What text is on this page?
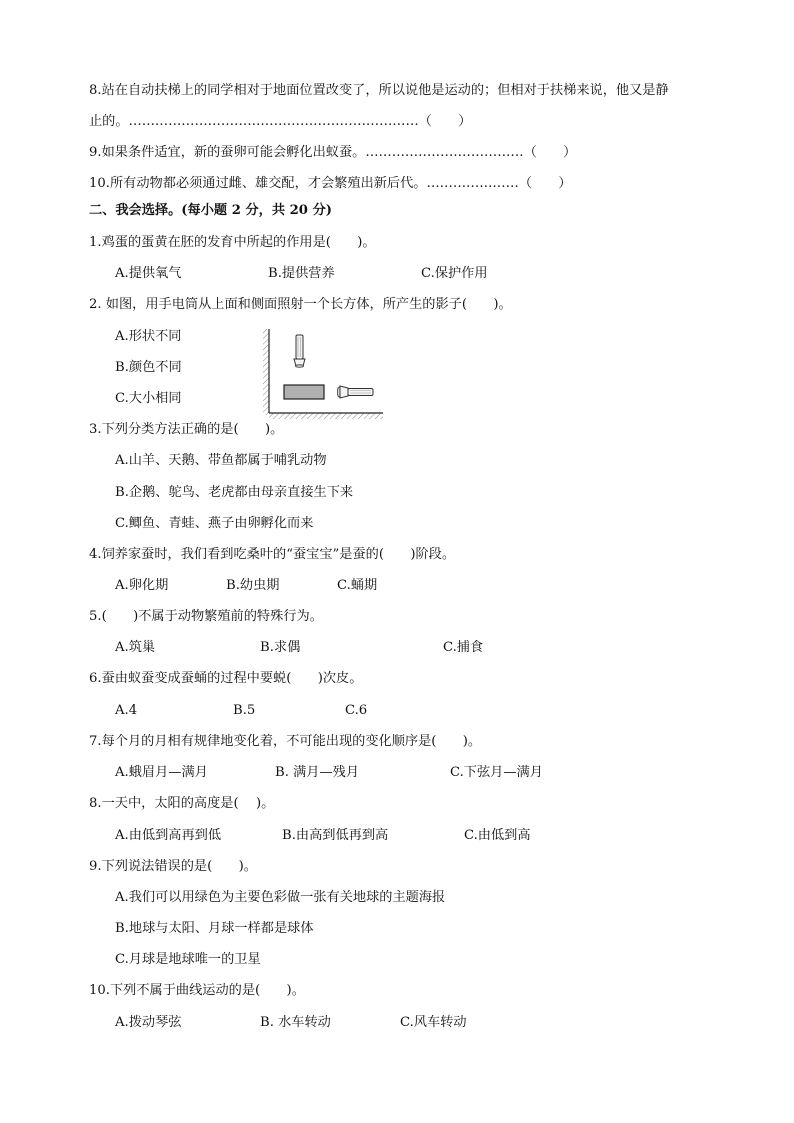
8.站在自动扶梯上的同学相对于地面位置改变了，所以说他是运动的；但相对于扶梯来说，他又是静
止的。…………………………………………………………（　　）
9.如果条件适宜，新的蚕卵可能会孵化出蚁蚕。………………………………（　　）
10.所有动物都必须通过雌、雄交配，才会繁殖出新后代。…………………（　　）
二、我会选择。(每小题 2 分，共 20 分)
1.鸡蛋的蛋黄在胚的发育中所起的作用是(　　)。
A.提供氧气	B.提供营养	C.保护作用
2. 如图，用手电筒从上面和侧面照射一个长方体，所产生的影子(　　)。
A.形状不同
B.颜色不同
C.大小相同
3.下列分类方法正确的是(　　)。
A.山羊、天鹅、带鱼都属于哺乳动物
B.企鹅、鸵鸟、老虎都由母亲直接生下来
C.鲫鱼、青蛙、燕子由卵孵化而来
4.饲养家蚕时，我们看到吃桑叶的“蚕宝宝”是蚕的(　　)阶段。
A.卵化期	B.幼虫期	C.蛹期
5.(　　)不属于动物繁殖前的特殊行为。
A.筑巢	B.求偶	C.捕食
6.蚕由蚁蚕变成蚕蛹的过程中要蜕(　　)次皮。
A.4	B.5	C.6
7.每个月的月相有规律地变化着，不可能出现的变化顺序是(　　)。
A.蛾眉月—满月	B. 满月—残月	C.下弦月—满月
8.一天中，太阳的高度是(　 )。
A.由低到高再到低	B.由高到低再到高	C.由低到高
9.下列说法错误的是(　　)。
A.我们可以用绿色为主要色彩做一张有关地球的主题海报
B.地球与太阳、月球一样都是球体
C.月球是地球唯一的卫星
10.下列不属于曲线运动的是(　　)。
A.拨动琴弦	B. 水车转动	C.风车转动
